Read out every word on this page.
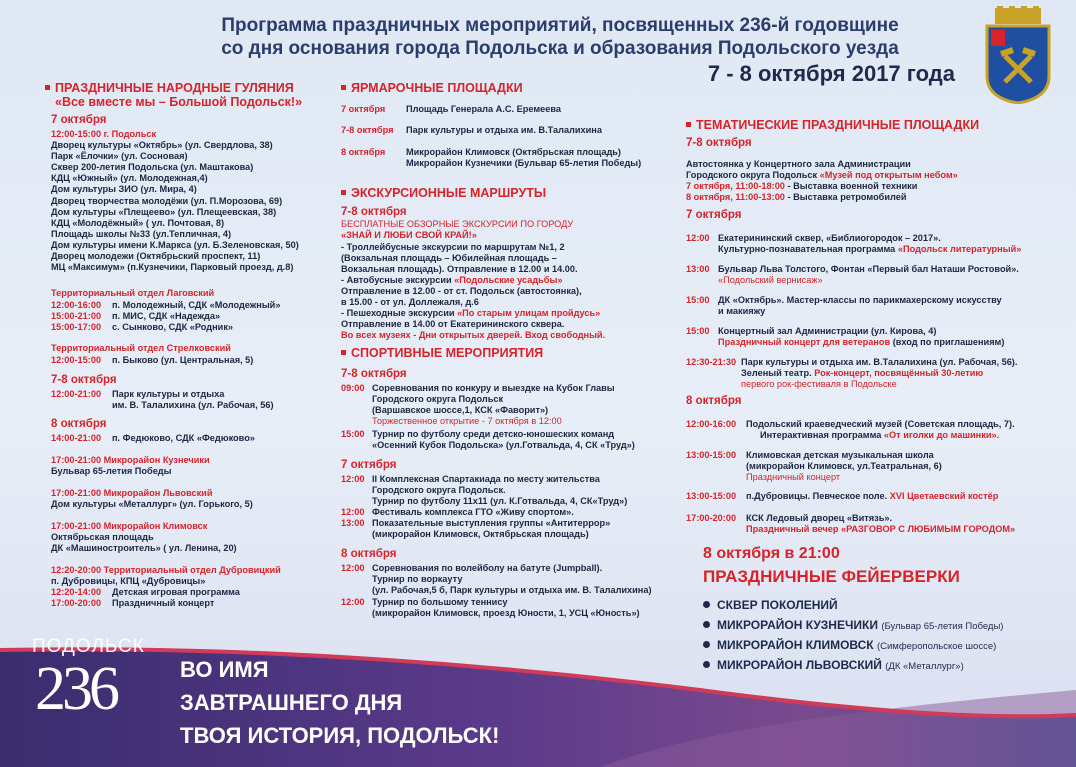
Программа праздничных мероприятий, посвященных 236-й годовщине
со дня основания города Подольска и образования Подольского уезда
7 - 8 октября 2017 года
ПРАЗДНИЧНЫЕ НАРОДНЫЕ ГУЛЯНИЯ
«Все вместе мы – Большой Подольск!»
7 октября
12:00-15:00 г. Подольск
Дворец культуры «Октябрь» (ул. Свердлова, 38)
Парк «Ёлочки» (ул. Сосновая)
Сквер 200-летия Подольска (ул. Маштакова)
КДЦ «Южный» (ул. Молодежная,4)
Дом культуры ЗИО (ул. Мира, 4)
Дворец творчества молодёжи (ул. П.Морозова, 69)
Дом культуры «Плещеево» (ул. Плещеевская, 38)
КДЦ «Молодёжный» ( ул. Почтовая, 8)
Площадь школы №33 (ул.Тепличная, 4)
Дом культуры имени К.Маркса (ул. Б.Зеленовская, 50)
Дворец молодежи (Октябрьский проспект, 11)
МЦ «Максимум» (п.Кузнечики, Парковый проезд, д.8)
Территориальный отдел Лаговский
12:00-16:00 п. Молодежный, СДК «Молодежный»
15:00-21:00 п. МИС, СДК «Надежда»
15:00-17:00 с. Сынково, СДК «Родник»
Территориальный отдел Стрелковский
12:00-15:00 п. Быково (ул. Центральная, 5)
7-8 октября
12:00-21:00 Парк культуры и отдыха
им. В. Талалихина (ул. Рабочая, 56)
8 октября
14:00-21:00 п. Федюково, СДК «Федюково»
17:00-21:00 Микрорайон Кузнечики
Бульвар 65-летия Победы
17:00-21:00 Микрорайон Львовский
Дом культуры «Металлург» (ул. Горького, 5)
17:00-21:00 Микрорайон Климовск
Октябрьская площадь
ДК «Машиностроитель» ( ул. Ленина, 20)
12:20-20:00 Территориальный отдел Дубровицкий
п. Дубровицы, КПЦ «Дубровицы»
12:20-14:00 Детская игровая программа
17:00-20:00 Праздничный концерт
ЯРМАРОЧНЫЕ ПЛОЩАДКИ
7 октября Площадь Генерала А.С. Еремеева
7-8 октября Парк культуры и отдыха им. В.Талалихина
8 октября Микрорайон Климовск (Октябрьская площадь)
Микрорайон Кузнечики (Бульвар 65-летия Победы)
ЭКСКУРСИОННЫЕ МАРШРУТЫ
7-8 октября
БЕСПЛАТНЫЕ ОБЗОРНЫЕ ЭКСКУРСИИ ПО ГОРОДУ
«ЗНАЙ И ЛЮБИ СВОЙ КРАЙ!»
- Троллейбусные экскурсии по маршрутам №1, 2
(Вокзальная площадь – Юбилейная площадь –
Вокзальная площадь). Отправление в 12.00 и 14.00.
- Автобусные экскурсии «Подольские усадьбы»
Отправление в 12.00 - от ст. Подольск (автостоянка),
в 15.00 - от ул. Доллежаля, д.6
- Пешеходные экскурсии «По старым улицам пройдусь»
Отправление в 14.00 от Екатерининского сквера.
Во всех музеях - Дни открытых дверей. Вход свободный.
СПОРТИВНЫЕ МЕРОПРИЯТИЯ
7-8 октября
09:00 Соревнования по конкуру и выездке на Кубок Главы
Городского округа Подольск
(Варшавское шоссе,1, КСК «Фаворит»)
Торжественное открытие - 7 октября в 12:00
15:00 Турнир по футболу среди детско-юношеских команд
«Осенний Кубок Подольска» (ул.Готвальда, 4, СК «Труд»)
7 октября
12:00 II Комплексная Спартакиада по месту жительства
Городского округа Подольск.
Турнир по футболу 11х11 (ул. К.Готвальда, 4, СК«Труд»)
12:00 Фестиваль комплекса ГТО «Живу спортом».
13:00 Показательные выступления группы «Антитеррор»
(микрорайон Климовск, Октябрьская площадь)
8 октября
12:00 Соревнования по волейболу на батуте (Jumpball).
Турнир по воркауту
(ул. Рабочая,5 б, Парк культуры и отдыха им. В. Талалихина)
12:00 Турнир по большому теннису
(микрорайон Климовск, проезд Юности, 1, УСЦ «Юность»)
ТЕМАТИЧЕСКИЕ ПРАЗДНИЧНЫЕ ПЛОЩАДКИ
7-8 октября
Автостоянка у Концертного зала Администрации
Городского округа Подольск «Музей под открытым небом»
7 октября, 11:00-18:00 - Выставка военной техники
8 октября, 11:00-13:00 - Выставка ретромобилей
7 октября
12:00 Екатерининский сквер, «Библиогородок – 2017».
Культурно-познавательная программа «Подольск литературный»
13:00 Бульвар Льва Толстого, Фонтан «Первый бал Наташи Ростовой».
«Подольский вернисаж»
15:00 ДК «Октябрь». Мастер-классы по парикмахерскому искусству
и макияжу
15:00 Концертный зал Администрации (ул. Кирова, 4)
Праздничный концерт для ветеранов (вход по приглашениям)
12:30-21:30 Парк культуры и отдыха им. В.Талалихина (ул. Рабочая, 56).
Зеленый театр. Рок-концерт, посвящённый 30-летию
первого рок-фестиваля в Подольске
8 октября
12:00-16:00 Подольский краеведческий музей (Советская площадь, 7).
Интерактивная программа «От иголки до машинки».
13:00-15:00 Климовская детская музыкальная школа
(микрорайон Климовск, ул.Театральная, 6)
Праздничный концерт
13:00-15:00 п.Дубровицы. Певческое поле. XVI Цветаевский костёр
17:00-20:00 КСК Ледовый дворец «Витязь».
Праздничный вечер «РАЗГОВОР С ЛЮБИМЫМ ГОРОДОМ»
8 октября в 21:00
ПРАЗДНИЧНЫЕ ФЕЙЕРВЕРКИ
СКВЕР ПОКОЛЕНИЙ
МИКРОРАЙОН КУЗНЕЧИКИ (Бульвар 65-летия Победы)
МИКРОРАЙОН КЛИМОВСК (Симферопольское шоссе)
МИКРОРАЙОН ЛЬВОВСКИЙ (ДК «Металлург»)
ПОДОЛЬСК
236	ВО ИМЯ
ЗАВТРАШНЕГО ДНЯ
ТВОЯ ИСТОРИЯ, ПОДОЛЬСК!
